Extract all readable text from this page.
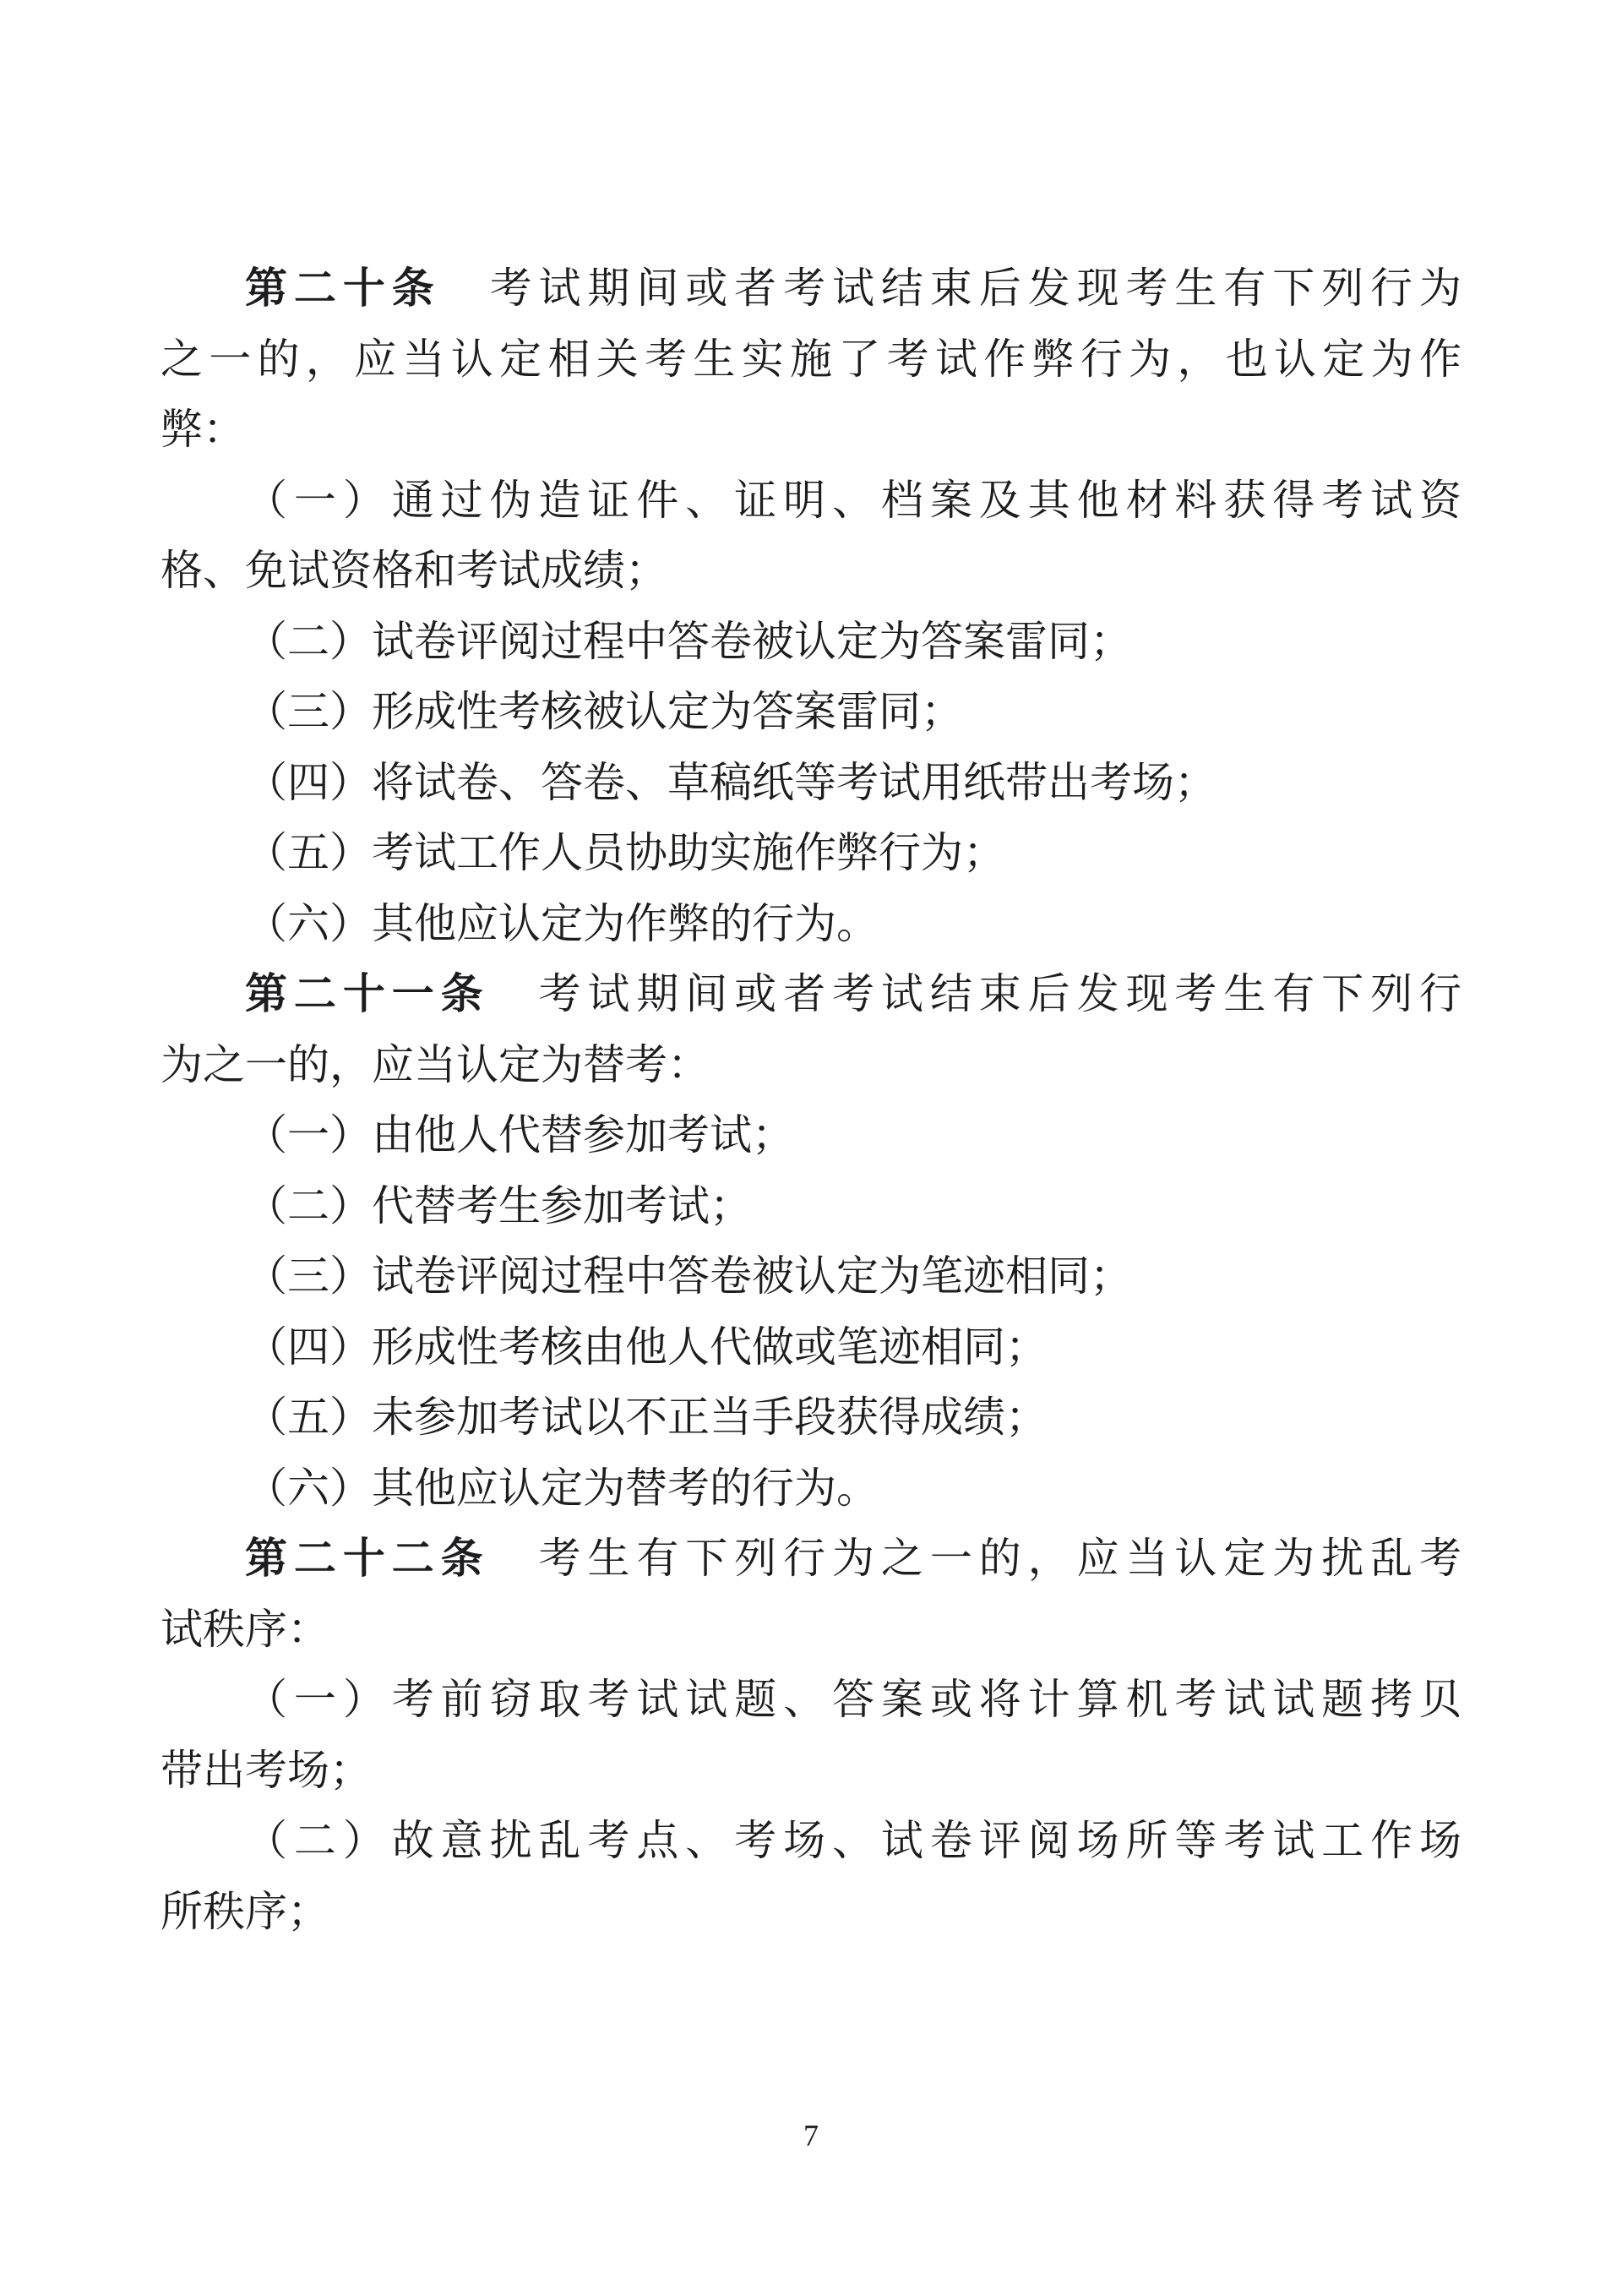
第二十条　考试期间或者考试结束后发现考生有下列行为
之一的，应当认定相关考生实施了考试作弊行为，也认定为作
弊：
（一）通过伪造证件、证明、档案及其他材料获得考试资
格、免试资格和考试成绩；
（二）试卷评阅过程中答卷被认定为答案雷同；
（三）形成性考核被认定为答案雷同；
（四）将试卷、答卷、草稿纸等考试用纸带出考场；
（五）考试工作人员协助实施作弊行为；
（六）其他应认定为作弊的行为。
第二十一条　考试期间或者考试结束后发现考生有下列行
为之一的，应当认定为替考：
（一）由他人代替参加考试；
（二）代替考生参加考试；
（三）试卷评阅过程中答卷被认定为笔迹相同；
（四）形成性考核由他人代做或笔迹相同；
（五）未参加考试以不正当手段获得成绩；
（六）其他应认定为替考的行为。
第二十二条　考生有下列行为之一的，应当认定为扰乱考
试秩序：
（一）考前窃取考试试题、答案或将计算机考试试题拷贝
带出考场；
（二）故意扰乱考点、考场、试卷评阅场所等考试工作场
所秩序；
7
